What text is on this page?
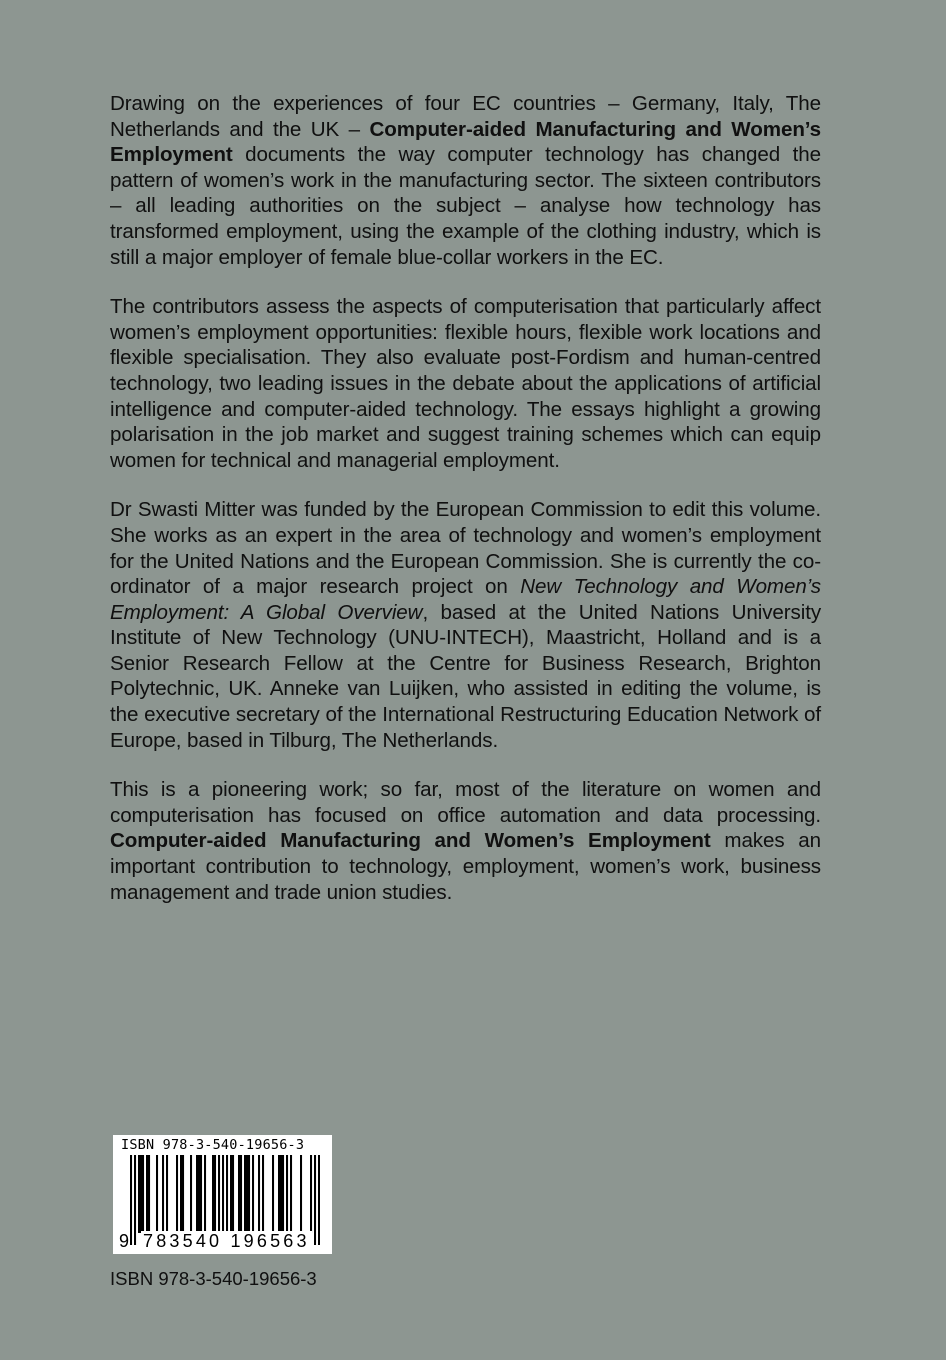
Drawing on the experiences of four EC countries – Germany, Italy, The Netherlands and the UK – Computer-aided Manufacturing and Women’s Employment documents the way computer technology has changed the pattern of women’s work in the manufacturing sector. The sixteen contributors – all leading authorities on the subject – analyse how technology has transformed employment, using the example of the clothing industry, which is still a major employer of female blue-collar workers in the EC.

The contributors assess the aspects of computerisation that particularly affect women’s employment opportunities: flexible hours, flexible work locations and flexible specialisation. They also evaluate post-Fordism and human-centred technology, two leading issues in the debate about the applications of artificial intelligence and computer-aided technology. The essays highlight a growing polarisation in the job market and suggest training schemes which can equip women for technical and managerial employment.

Dr Swasti Mitter was funded by the European Commission to edit this volume. She works as an expert in the area of technology and women’s employment for the United Nations and the European Commission. She is currently the co-ordinator of a major research project on New Technology and Women’s Employment: A Global Overview, based at the United Nations University Institute of New Technology (UNU-INTECH), Maastricht, Holland and is a Senior Research Fellow at the Centre for Business Research, Brighton Polytechnic, UK. Anneke van Luijken, who assisted in editing the volume, is the executive secretary of the International Restructuring Education Network of Europe, based in Tilburg, The Netherlands.

This is a pioneering work; so far, most of the literature on women and computerisation has focused on office automation and data processing. Computer-aided Manufacturing and Women’s Employment makes an important contribution to technology, employment, women’s work, business management and trade union studies.

ISBN 978-3-540-19656-3
9 783540 196563
ISBN 978-3-540-19656-3
